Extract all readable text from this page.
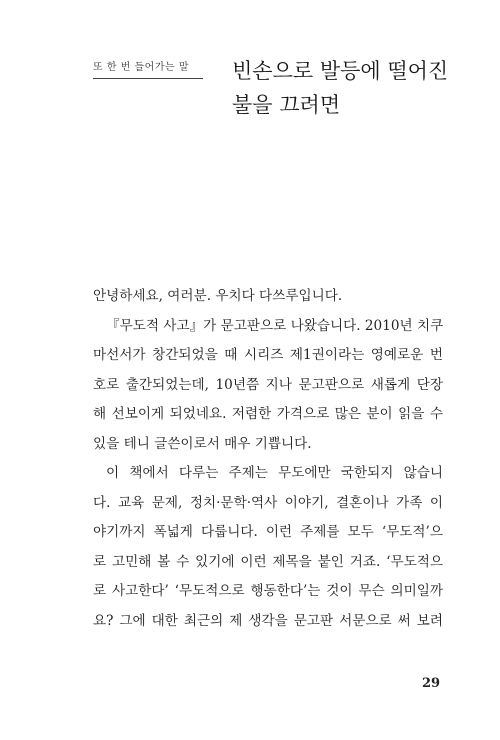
또 한 번 들어가는 말	빈손으로 발등에 떨어진
불을 끄려면
안녕하세요, 여러분. 우치다 다쓰루입니다.
『무도적 사고』가 문고판으로 나왔습니다. 2010년 치쿠
마선서가 창간되었을 때 시리즈 제1권이라는 영예로운 번
호로 출간되었는데, 10년쯤 지나 문고판으로 새롭게 단장
해 선보이게 되었네요. 저렴한 가격으로 많은 분이 읽을 수
있을 테니 글쓴이로서 매우 기쁩니다.
이 책에서 다루는 주제는 무도에만 국한되지 않습니
다. 교육 문제, 정치·문학·역사 이야기, 결혼이나 가족 이
야기까지 폭넓게 다룹니다. 이런 주제를 모두 ‘무도적’으
로 고민해 볼 수 있기에 이런 제목을 붙인 거죠. ‘무도적으
로 사고한다’ ‘무도적으로 행동한다’는 것이 무슨 의미일까
요? 그에 대한 최근의 제 생각을 문고판 서문으로 써 보려
29
